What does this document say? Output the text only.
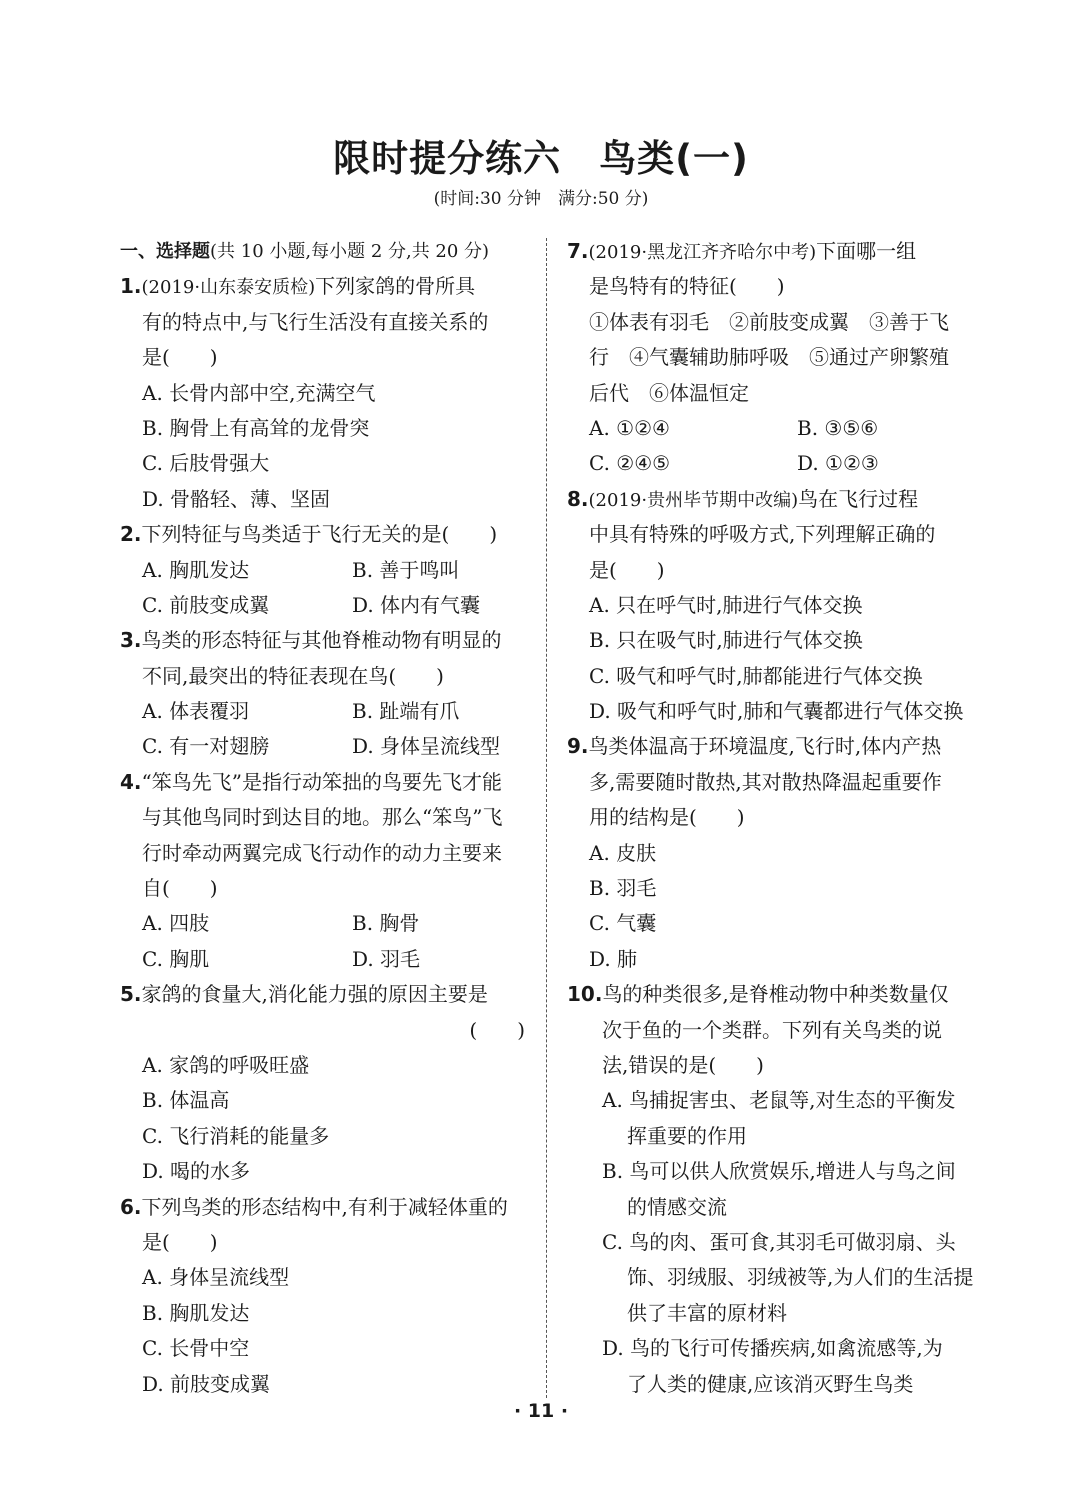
限时提分练六　鸟类(一)
(时间:30 分钟　满分:50 分)
一、选择题(共 10 小题,每小题 2 分,共 20 分)
1.(2019·山东泰安质检)下列家鸽的骨所具
有的特点中,与飞行生活没有直接关系的
是(　　)
A. 长骨内部中空,充满空气
B. 胸骨上有高耸的龙骨突
C. 后肢骨强大
D. 骨骼轻、薄、坚固
2.下列特征与鸟类适于飞行无关的是(　　)
A. 胸肌发达	B. 善于鸣叫
C. 前肢变成翼	D. 体内有气囊
3.鸟类的形态特征与其他脊椎动物有明显的
不同,最突出的特征表现在鸟(　　)
A. 体表覆羽	B. 趾端有爪
C. 有一对翅膀	D. 身体呈流线型
4.“笨鸟先飞”是指行动笨拙的鸟要先飞才能
与其他鸟同时到达目的地。那么“笨鸟”飞
行时牵动两翼完成飞行动作的动力主要来
自(　　)
A. 四肢	B. 胸骨
C. 胸肌	D. 羽毛
5.家鸽的食量大,消化能力强的原因主要是
(　　)
A. 家鸽的呼吸旺盛
B. 体温高
C. 飞行消耗的能量多
D. 喝的水多
6.下列鸟类的形态结构中,有利于减轻体重的
是(　　)
A. 身体呈流线型
B. 胸肌发达
C. 长骨中空
D. 前肢变成翼
7.(2019·黑龙江齐齐哈尔中考)下面哪一组
是鸟特有的特征(　　)
①体表有羽毛　②前肢变成翼　③善于飞
行　④气囊辅助肺呼吸　⑤通过产卵繁殖
后代　⑥体温恒定
A. ①②④	B. ③⑤⑥
C. ②④⑤	D. ①②③
8.(2019·贵州毕节期中改编)鸟在飞行过程
中具有特殊的呼吸方式,下列理解正确的
是(　　)
A. 只在呼气时,肺进行气体交换
B. 只在吸气时,肺进行气体交换
C. 吸气和呼气时,肺都能进行气体交换
D. 吸气和呼气时,肺和气囊都进行气体交换
9.鸟类体温高于环境温度,飞行时,体内产热
多,需要随时散热,其对散热降温起重要作
用的结构是(　　)
A. 皮肤
B. 羽毛
C. 气囊
D. 肺
10.鸟的种类很多,是脊椎动物中种类数量仅
次于鱼的一个类群。下列有关鸟类的说
法,错误的是(　　)
A. 鸟捕捉害虫、老鼠等,对生态的平衡发
挥重要的作用
B. 鸟可以供人欣赏娱乐,增进人与鸟之间
的情感交流
C. 鸟的肉、蛋可食,其羽毛可做羽扇、头
饰、羽绒服、羽绒被等,为人们的生活提
供了丰富的原材料
D. 鸟的飞行可传播疾病,如禽流感等,为
了人类的健康,应该消灭野生鸟类
· 11 ·
